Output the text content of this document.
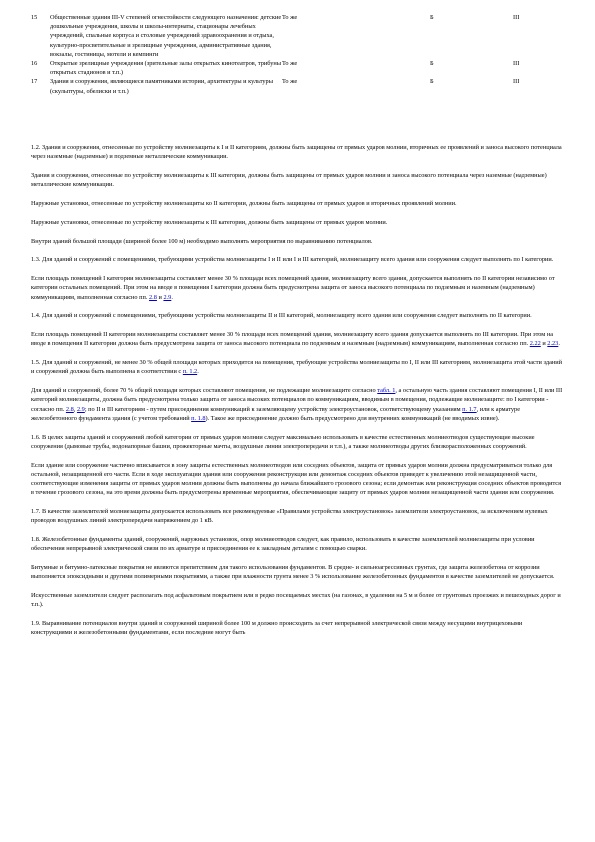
15	Общественные здания III-V степеней огнестойкости следующего назначения: детские дошкольные учреждения, школы и школы-интернаты, стационары лечебных учреждений, спальные корпуса и столовые учреждений здравоохранения и отдыха, культурно-просветительные и зрелищные учреждения, административные здания, вокзалы, гостиницы, мотели и кемпинги	То же	Б	III
16	Открытые зрелищные учреждения (зрительные залы открытых кинотеатров, трибуны открытых стадионов и т.п.)	То же	Б	III
17	Здания и сооружения, являющиеся памятниками истории, архитектуры и культуры (скульптуры, обелиски и т.п.)	То же	Б	III

1.2. Здания и сооружения, отнесенные по устройству молниезащиты к I и II категориям, должны быть защищены от прямых ударов молнии, вторичных ее проявлений и заноса высокого потенциала через наземные (надземные) и подземные металлические коммуникации.

Здания и сооружения, отнесенные по устройству молниезащиты к III категории, должны быть защищены от прямых ударов молнии и заноса высокого потенциала через наземные (надземные) металлические коммуникации.

Наружные установки, отнесенные по устройству молниезащиты ко II категории, должны быть защищены от прямых ударов и вторичных проявлений молнии.

Наружные установки, отнесенные по устройству молниезащиты к III категории, должны быть защищены от прямых ударов молнии.

Внутри зданий большой площади (шириной более 100 м) необходимо выполнять мероприятия по выравниванию потенциалов.

1.3. Для зданий и сооружений с помещениями, требующими устройства молниезащиты I и II или I и III категорий, молниезащиту всего здания или сооружения следует выполнять по I категории.

Если площадь помещений I категории молниезащиты составляет менее 30 % площади всех помещений здания, молниезащиту всего здания, допускается выполнять по II категории независимо от категории остальных помещений. При этом на вводе в помещения I категории должна быть предусмотрена защита от заноса высокого потенциала по подземным и наземным (надземным) коммуникациям, выполненная согласно пп. 2.8 и 2.9.

1.4. Для зданий и сооружений с помещениями, требующими устройства молниезащиты II и III категорий, молниезащиту всего здания или сооружения следует выполнять по II категории.

Если площадь помещений II категории молниезащиты составляет менее 30 % площади всех помещений здания, молниезащиту всего здания допускается выполнять по III категории. При этом на вводе в помещения II категории должна быть предусмотрена защита от заноса высокого потенциала по подземным и наземным (надземным) коммуникациям, выполненная согласно пп. 2.22 и 2.23.

1.5. Для зданий и сооружений, не менее 30 % общей площади которых приходится на помещения, требующие устройства молниезащиты по I, II или III категориям, молниезащита этой части зданий и сооружений должна быть выполнена в соответствии с п. 1.2.

Для зданий и сооружений, более 70 % общей площади которых составляют помещения, не подлежащие молниезащите согласно табл. 1, а остальную часть здания составляют помещения I, II или III категорий молниезащиты, должна быть предусмотрена только защита от заноса высоких потенциалов по коммуникациям, вводимым в помещения, подлежащие молниезащите: по I категории - согласно пп. 2.8, 2.9; по II и III категориям - путем присоединения коммуникаций к заземляющему устройству электроустановок, соответствующему указаниям п. 1.7, или к арматуре железобетонного фундамента здания (с учетом требований п. 1.8). Такое же присоединение должно быть предусмотрено для внутренних коммуникаций (не вводимых извне).

1.6. В целях защиты зданий и сооружений любой категории от прямых ударов молнии следует максимально использовать в качестве естественных молниеотводов существующие высокие сооружения (дымовые трубы, водонапорные башни, прожекторные мачты, воздушные линии электропередачи и т.п.), а также молниеотводы других близкорасположенных сооружений.

Если здание или сооружение частично вписывается в зону защиты естественных молниеотводов или соседних объектов, защита от прямых ударов молнии должна предусматриваться только для остальной, незащищенной его части. Если в ходе эксплуатации здания или сооружения реконструкция или демонтаж соседних объектов приведет к увеличению этой незащищенной части, соответствующие изменения защиты от прямых ударов молнии должны быть выполнены до начала ближайшего грозового сезона; если демонтаж или реконструкция соседних объектов проводится в течение грозового сезона, на это время должны быть предусмотрены временные мероприятия, обеспечивающие защиту от прямых ударов молнии незащищенной части здания или сооружения.

1.7. В качестве заземлителей молниезащиты допускается использовать все рекомендуемые «Правилами устройства электроустановок» заземлители электроустановок, за исключением нулевых проводов воздушных линий электропередачи напряжением до 1 кВ.

1.8. Железобетонные фундаменты зданий, сооружений, наружных установок, опор молниеотводов следует, как правило, использовать в качестве заземлителей молниезащиты при условии обеспечения непрерывной электрической связи по их арматуре и присоединения ее к закладным деталям с помощью сварки.

Битумные и битумно-латексные покрытия не являются препятствием для такого использования фундаментов. В средне- и сильноагрессивных грунтах, где защита железобетона от коррозии выполняется эпоксидными и другими полимерными покрытиями, а также при влажности грунта менее 3 % использование железобетонных фундаментов в качестве заземлителей не допускается.

Искусственные заземлители следует располагать под асфальтовым покрытием или в редко посещаемых местах (на газонах, в удалении на 5 м и более от грунтовых проезжих и пешеходных дорог и т.п.).

1.9. Выравнивание потенциалов внутри зданий и сооружений шириной более 100 м должно происходить за счет непрерывной электрической связи между несущими внутрицеховыми конструкциями и железобетонными фундаментами, если последние могут быть
